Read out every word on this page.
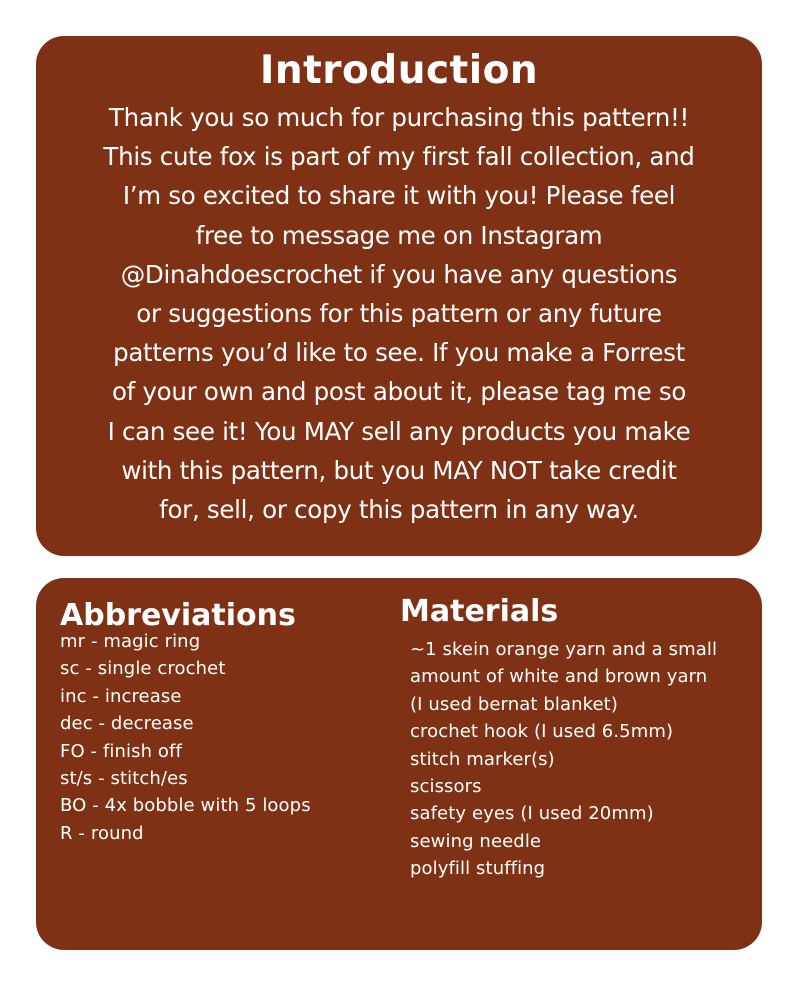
Introduction

Thank you so much for purchasing this pattern!!
This cute fox is part of my first fall collection, and
I’m so excited to share it with you! Please feel
free to message me on Instagram
@Dinahdoescrochet if you have any questions
or suggestions for this pattern or any future
patterns you’d like to see. If you make a Forrest
of your own and post about it, please tag me so
I can see it! You MAY sell any products you make
with this pattern, but you MAY NOT take credit
for, sell, or copy this pattern in any way.

Abbreviations
mr - magic ring
sc - single crochet
inc - increase
dec - decrease
FO - finish off
st/s - stitch/es
BO - 4x bobble with 5 loops
R - round
Materials
~1 skein orange yarn and a small
amount of white and brown yarn
(I used bernat blanket)
crochet hook (I used 6.5mm)
stitch marker(s)
scissors
safety eyes (I used 20mm)
sewing needle
polyfill stuffing
